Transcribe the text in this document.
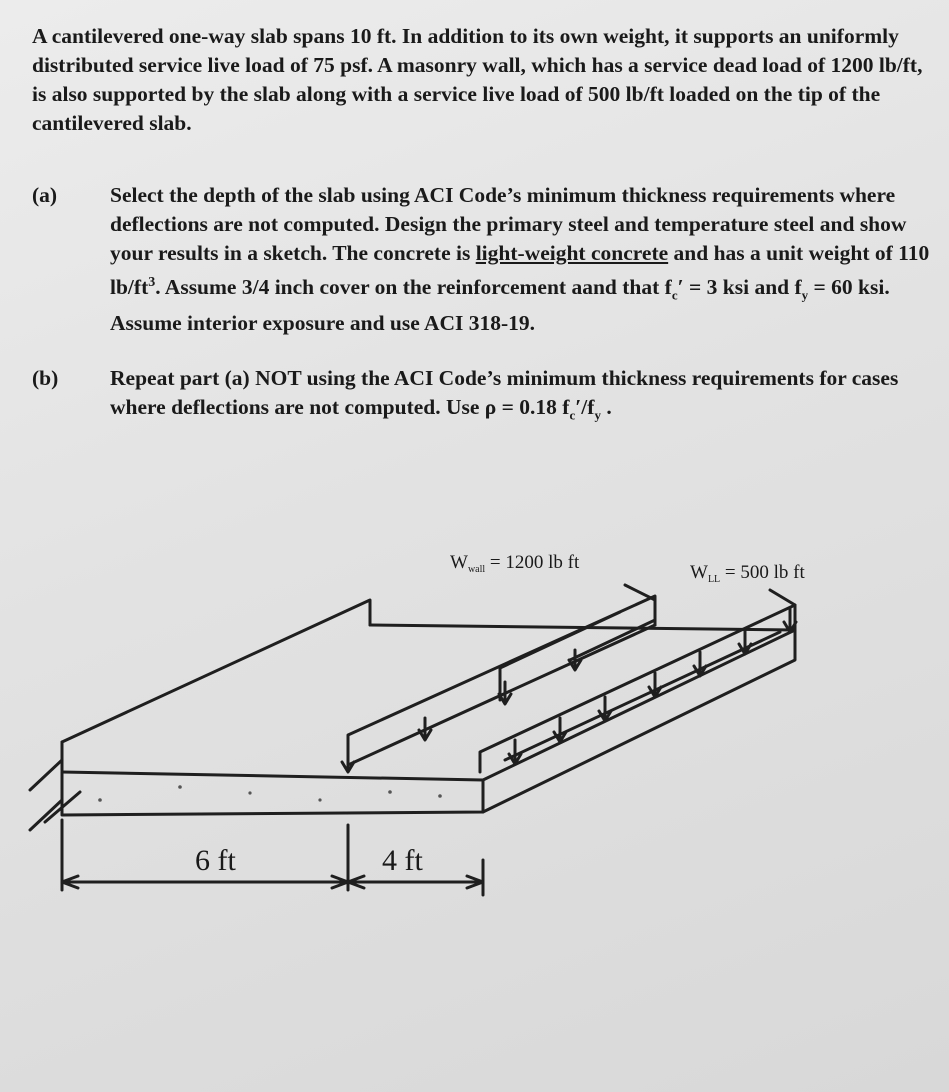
A cantilevered one-way slab spans 10 ft. In addition to its own weight, it supports an uniformly distributed service live load of 75 psf. A masonry wall, which has a service dead load of 1200 lb/ft, is also supported by the slab along with a service live load of 500 lb/ft loaded on the tip of the cantilevered slab.

(a) Select the depth of the slab using ACI Code’s minimum thickness requirements where deflections are not computed. Design the primary steel and temperature steel and show your results in a sketch. The concrete is light-weight concrete and has a unit weight of 110 $lb/ft^3$. Assume 3/4 inch cover on the reinforcement aand that $f_c' = 3$ ksi and $f_y = 60$ ksi. Assume interior exposure and use ACI 318-19.
(b) Repeat part (a) NOT using the ACI Code’s minimum thickness requirements for cases where deflections are not computed. Use ρ = 0.18 $f_c'/f_y$ .
$W_{wall} = 1200$ lb ft	$W_{LL} = 500$ lb ft
6 ft	4 ft
